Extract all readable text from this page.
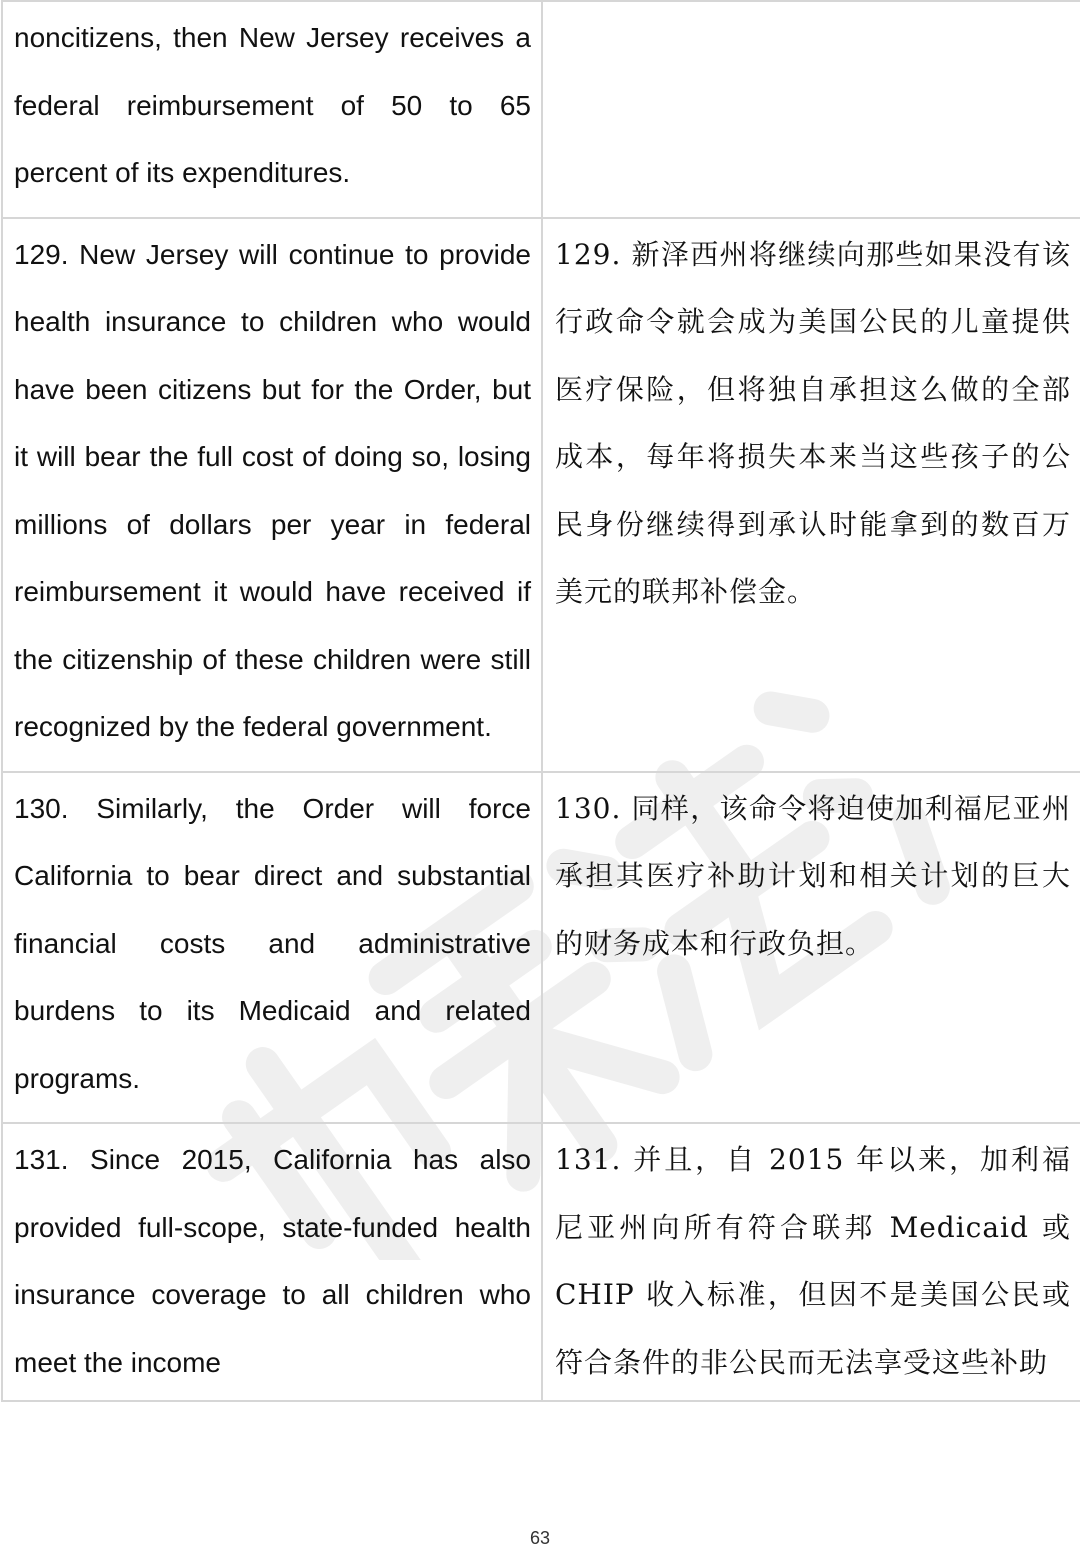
noncitizens, then New Jersey receives a federal reimbursement of 50 to 65 percent of its expenditures.	

129. New Jersey will continue to provide health insurance to children who would have been citizens but for the Order, but it will bear the full cost of doing so, losing millions of dollars per year in federal reimbursement it would have received if the citizenship of these children were still recognized by the federal government.	129. 新泽西州将继续向那些如果没有该行政命令就会成为美国公民的儿童提供医疗保险，但将独自承担这么做的全部成本，每年将损失本来当这些孩子的公民身份继续得到承认时能拿到的数百万美元的联邦补偿金。

130. Similarly, the Order will force California to bear direct and substantial financial costs and administrative burdens to its Medicaid and related programs.	130. 同样，该命令将迫使加利福尼亚州承担其医疗补助计划和相关计划的巨大的财务成本和行政负担。

131. Since 2015, California has also provided full-scope, state-funded health insurance coverage to all children who meet the income	131. 并且，自 2015 年以来，加利福尼亚州向所有符合联邦 Medicaid 或 CHIP 收入标准，但因不是美国公民或符合条件的非公民而无法享受这些补助

63
